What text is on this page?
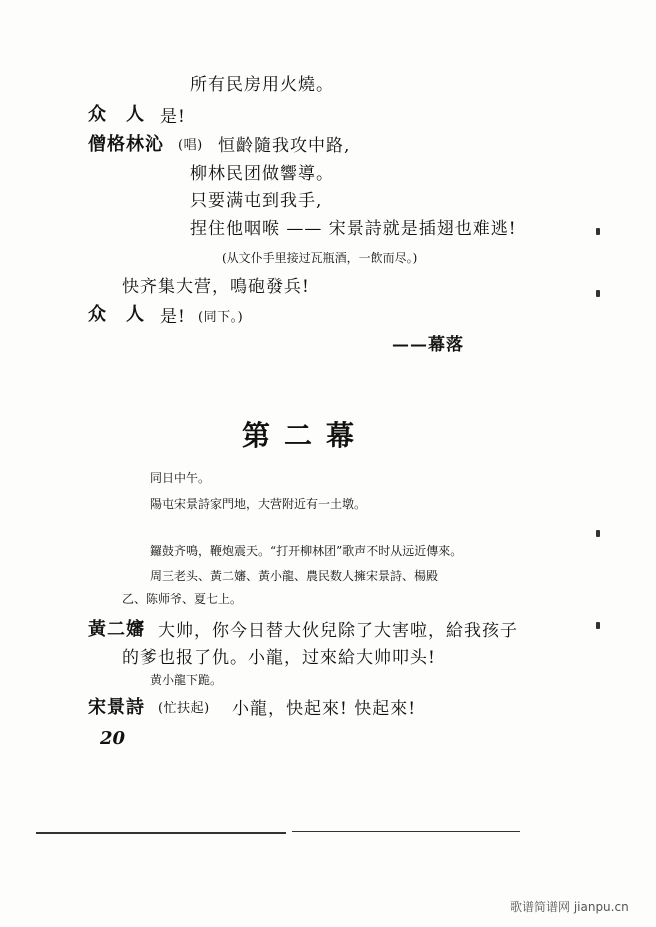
所有民房用火燒。
众　人 是!
僧格林沁 (唱) 恒齡隨我攻中路,
柳林民团做響導。
只要满屯到我手,
捏住他咽喉 —— 宋景詩就是插翅也难逃!
(从文仆手里接过瓦瓶酒，一飲而尽。)
快齐集大营，鳴砲發兵!
众　人 是! (同下。)
——幕落
第二幕
同日中午。
陽屯宋景詩家門地，大营附近有一土墩。
鑼鼓齐鳴，鞭炮震天。“打开柳林团”歌声不时从远近傳來。
周三老头、黃二嬸、黃小龍、農民数人擁宋景詩、楊殿
乙、陈师爷、夏七上。
黃二嬸 大帅，你今日替大伙兒除了大害啦，給我孩子
的爹也报了仇。小龍，过來給大帅叩头!
黄小龍下跪。
宋景詩 (忙扶起) 小龍，快起來! 快起來!
20
歌谱简谱网 jianpu.cn
